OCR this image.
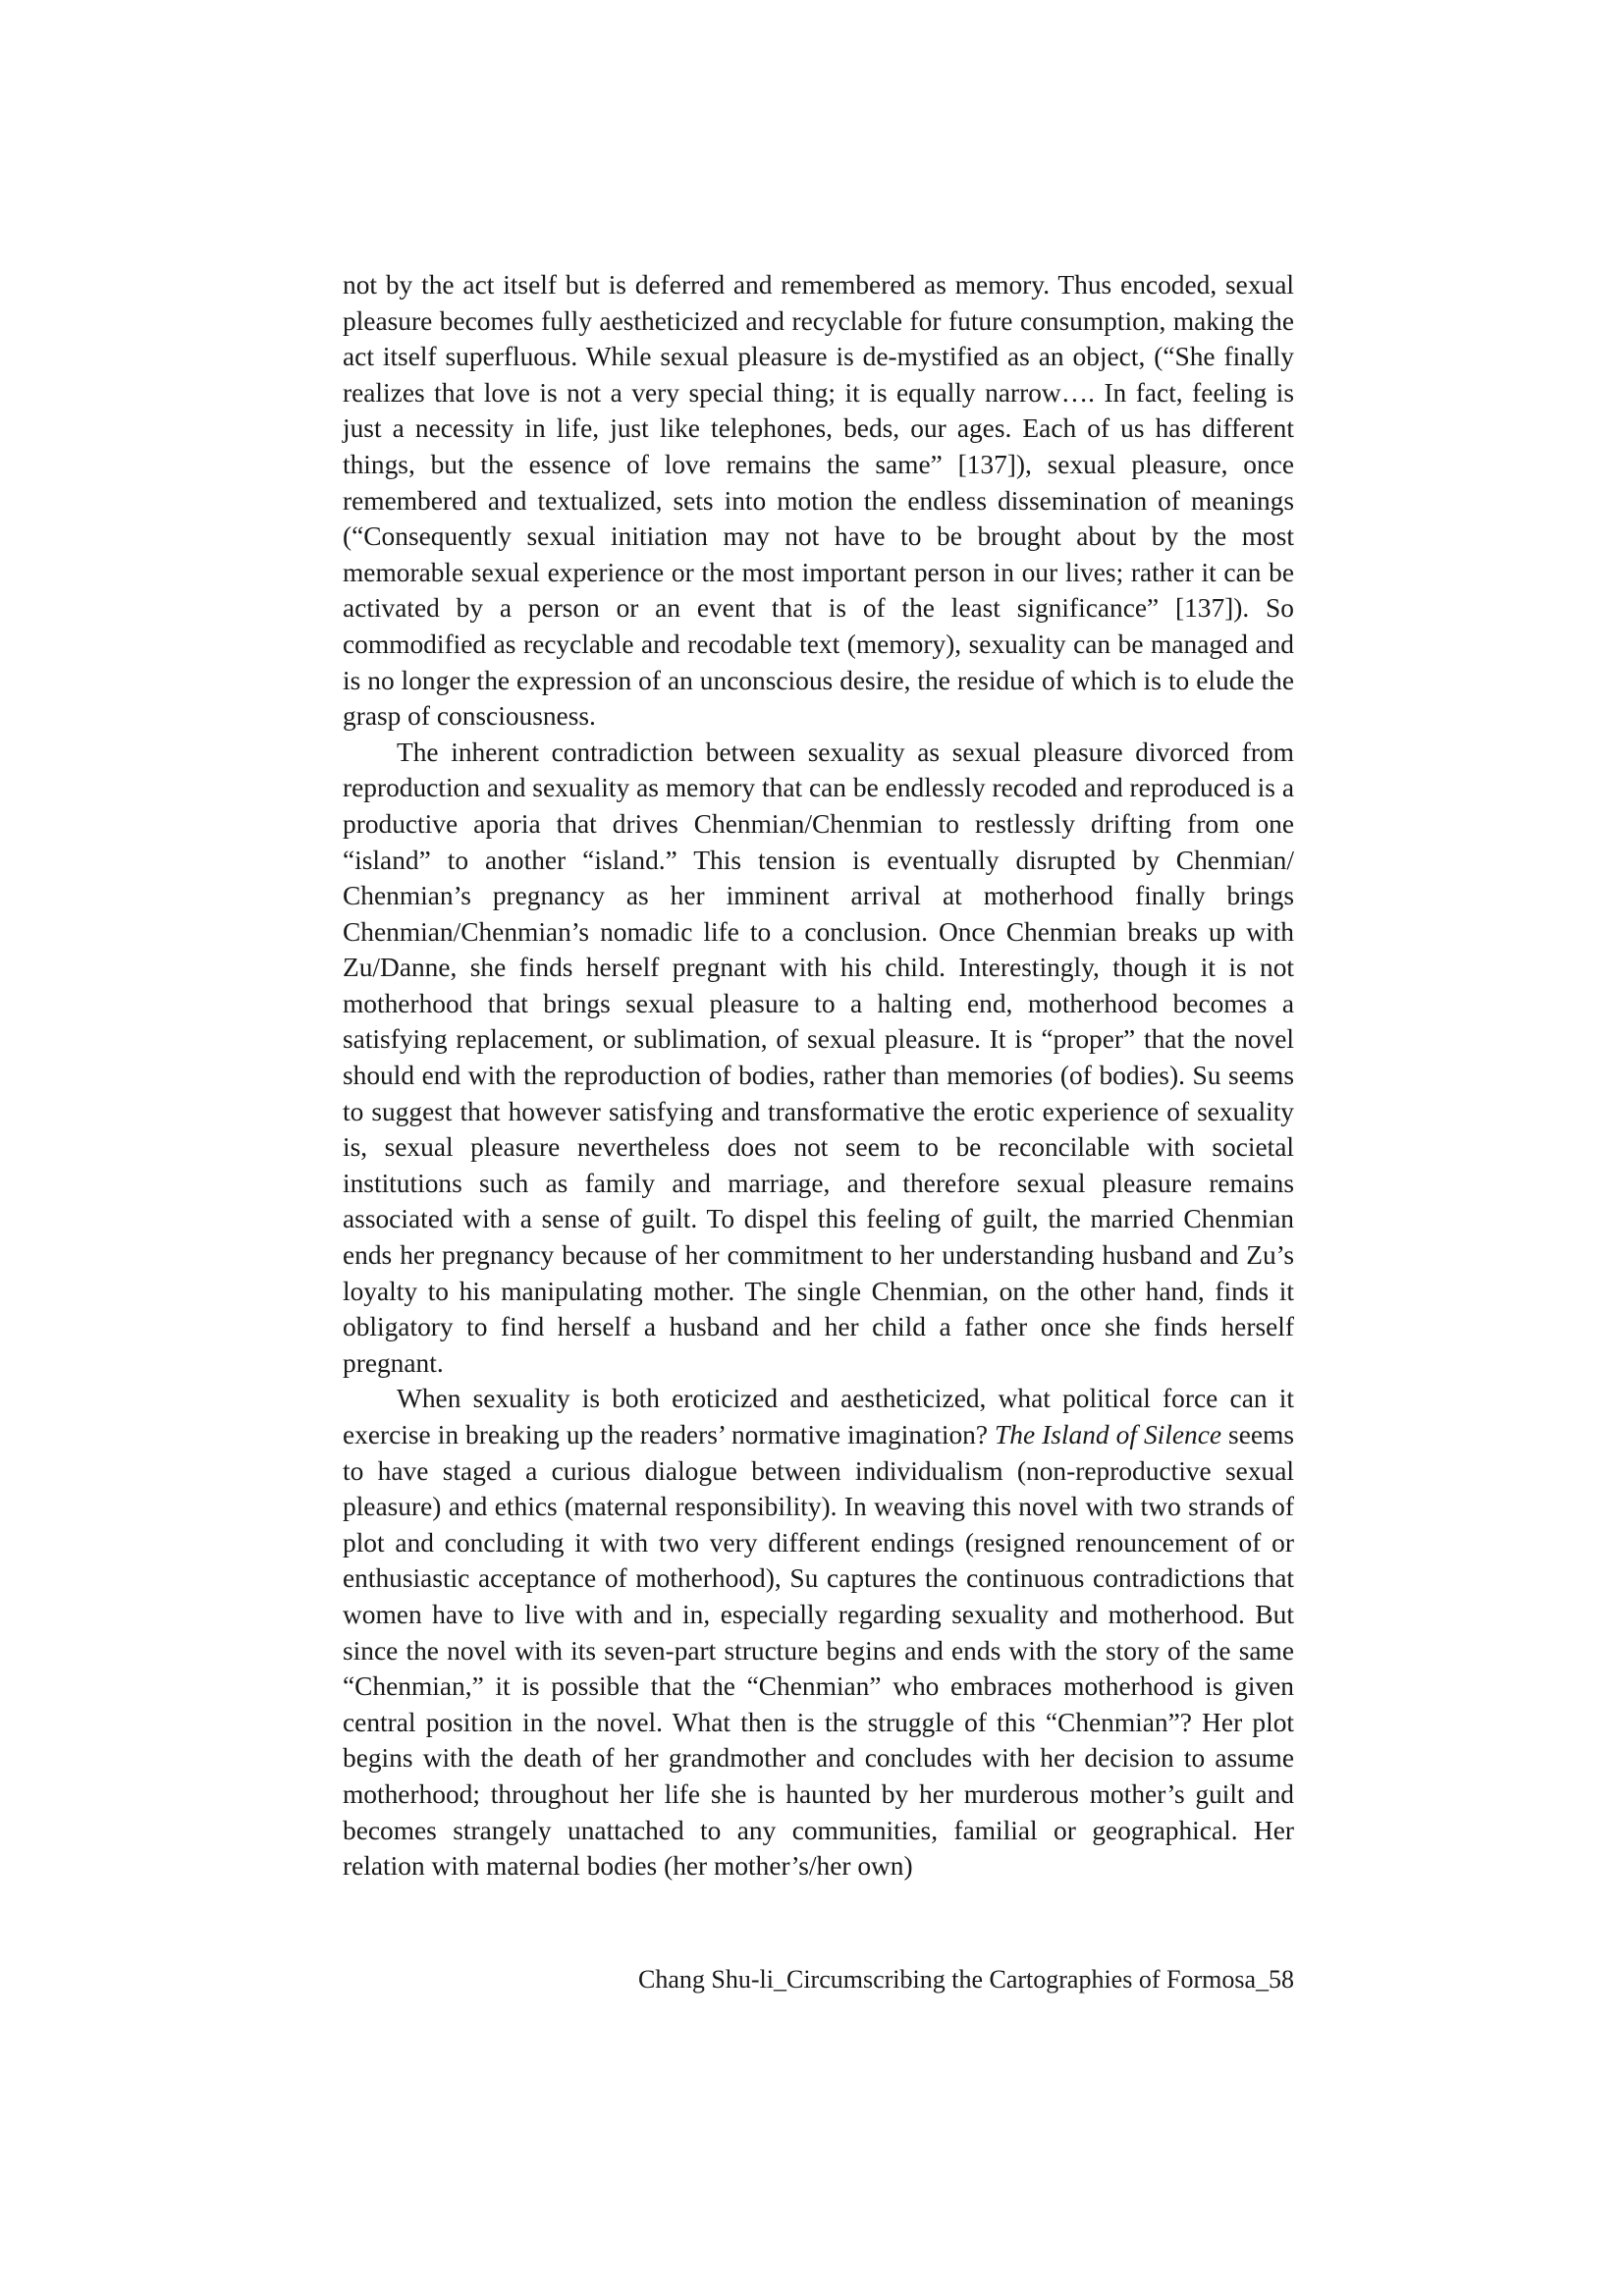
not by the act itself but is deferred and remembered as memory. Thus encoded, sexual pleasure becomes fully aestheticized and recyclable for future consumption, making the act itself superfluous. While sexual pleasure is de-mystified as an object, (“She finally realizes that love is not a very special thing; it is equally narrow…. In fact, feeling is just a necessity in life, just like telephones, beds, our ages. Each of us has different things, but the essence of love remains the same” [137]), sexual pleasure, once remembered and textualized, sets into motion the endless dissemination of meanings (“Consequently sexual initiation may not have to be brought about by the most memorable sexual experience or the most important person in our lives; rather it can be activated by a person or an event that is of the least significance” [137]). So commodified as recyclable and recodable text (memory), sexuality can be managed and is no longer the expression of an unconscious desire, the residue of which is to elude the grasp of consciousness.

The inherent contradiction between sexuality as sexual pleasure divorced from reproduction and sexuality as memory that can be endlessly recoded and reproduced is a productive aporia that drives Chenmian/Chenmian to restlessly drifting from one “island” to another “island.” This tension is eventually disrupted by Chenmian/ Chenmian’s pregnancy as her imminent arrival at motherhood finally brings Chenmian/Chenmian’s nomadic life to a conclusion. Once Chenmian breaks up with Zu/Danne, she finds herself pregnant with his child. Interestingly, though it is not motherhood that brings sexual pleasure to a halting end, motherhood becomes a satisfying replacement, or sublimation, of sexual pleasure. It is “proper” that the novel should end with the reproduction of bodies, rather than memories (of bodies). Su seems to suggest that however satisfying and transformative the erotic experience of sexuality is, sexual pleasure nevertheless does not seem to be reconcilable with societal institutions such as family and marriage, and therefore sexual pleasure remains associated with a sense of guilt. To dispel this feeling of guilt, the married Chenmian ends her pregnancy because of her commitment to her understanding husband and Zu’s loyalty to his manipulating mother. The single Chenmian, on the other hand, finds it obligatory to find herself a husband and her child a father once she finds herself pregnant.

When sexuality is both eroticized and aestheticized, what political force can it exercise in breaking up the readers’ normative imagination? The Island of Silence seems to have staged a curious dialogue between individualism (non-reproductive sexual pleasure) and ethics (maternal responsibility). In weaving this novel with two strands of plot and concluding it with two very different endings (resigned renouncement of or enthusiastic acceptance of motherhood), Su captures the continuous contradictions that women have to live with and in, especially regarding sexuality and motherhood. But since the novel with its seven-part structure begins and ends with the story of the same “Chenmian,” it is possible that the “Chenmian” who embraces motherhood is given central position in the novel. What then is the struggle of this “Chenmian”? Her plot begins with the death of her grandmother and concludes with her decision to assume motherhood; throughout her life she is haunted by her murderous mother’s guilt and becomes strangely unattached to any communities, familial or geographical. Her relation with maternal bodies (her mother’s/her own)

Chang Shu-li_Circumscribing the Cartographies of Formosa_58
